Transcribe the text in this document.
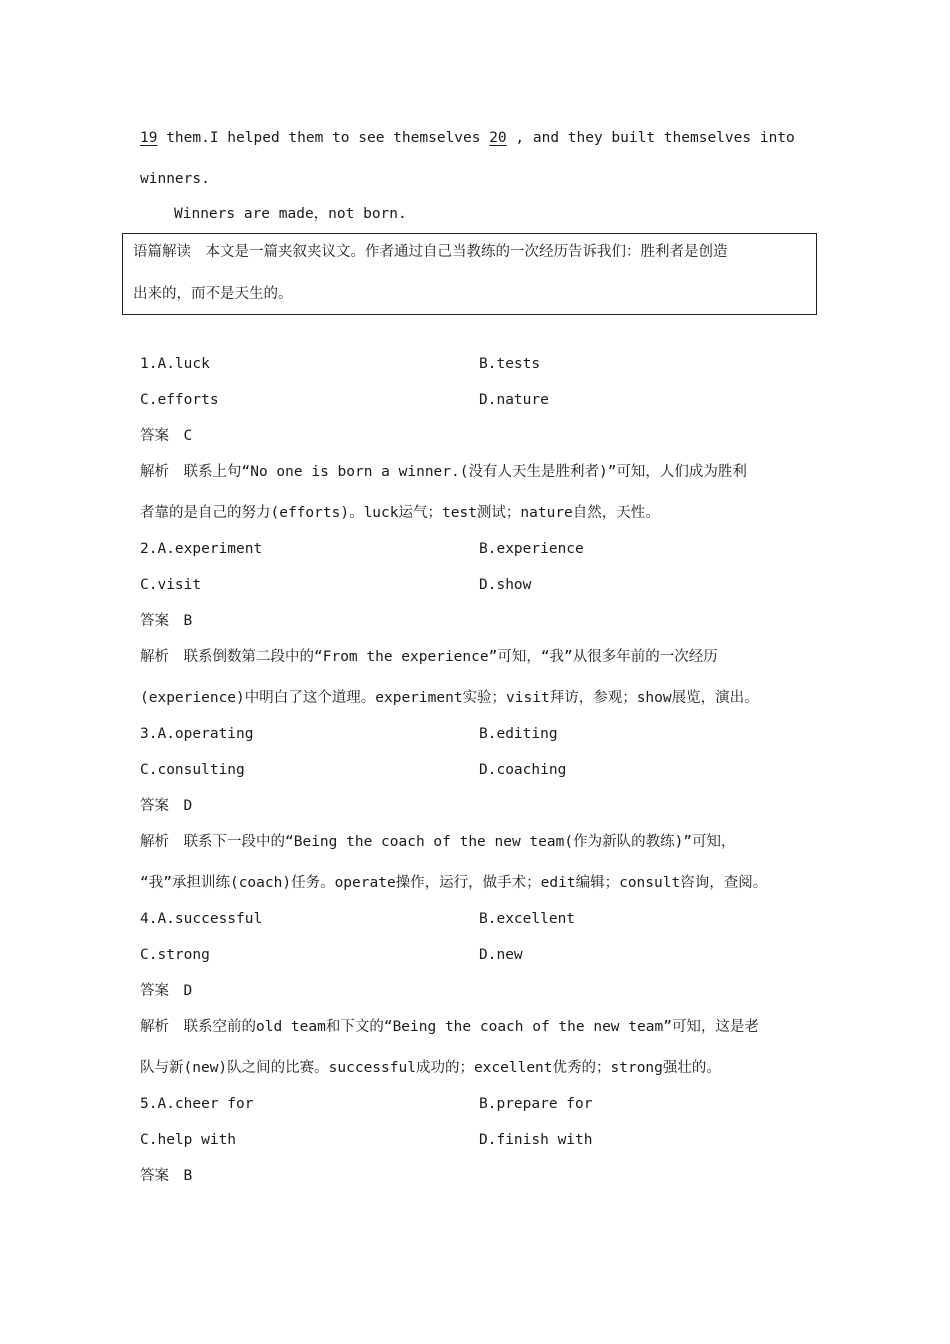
19 them.I helped them to see themselves 20 , and they built themselves into
winners.
Winners are made，not born.
语篇解读　本文是一篇夹叙夹议文。作者通过自己当教练的一次经历告诉我们：胜利者是创造
出来的，而不是天生的。
1.A.luck	B.tests
C.efforts	D.nature
答案　C
解析　联系上句“No one is born a winner.(没有人天生是胜利者)”可知，人们成为胜利
者靠的是自己的努力(efforts)。luck运气；test测试；nature自然，天性。
2.A.experiment	B.experience
C.visit	D.show
答案　B
解析　联系倒数第二段中的“From the experience”可知，“我”从很多年前的一次经历
(experience)中明白了这个道理。experiment实验；visit拜访，参观；show展览，演出。
3.A.operating	B.editing
C.consulting	D.coaching
答案　D
解析　联系下一段中的“Being the coach of the new team(作为新队的教练)”可知，
“我”承担训练(coach)任务。operate操作，运行，做手术；edit编辑；consult咨询，查阅。
4.A.successful	B.excellent
C.strong	D.new
答案　D
解析　联系空前的old team和下文的“Being the coach of the new team”可知，这是老
队与新(new)队之间的比赛。successful成功的；excellent优秀的；strong强壮的。
5.A.cheer for	B.prepare for
C.help with	D.finish with
答案　B
